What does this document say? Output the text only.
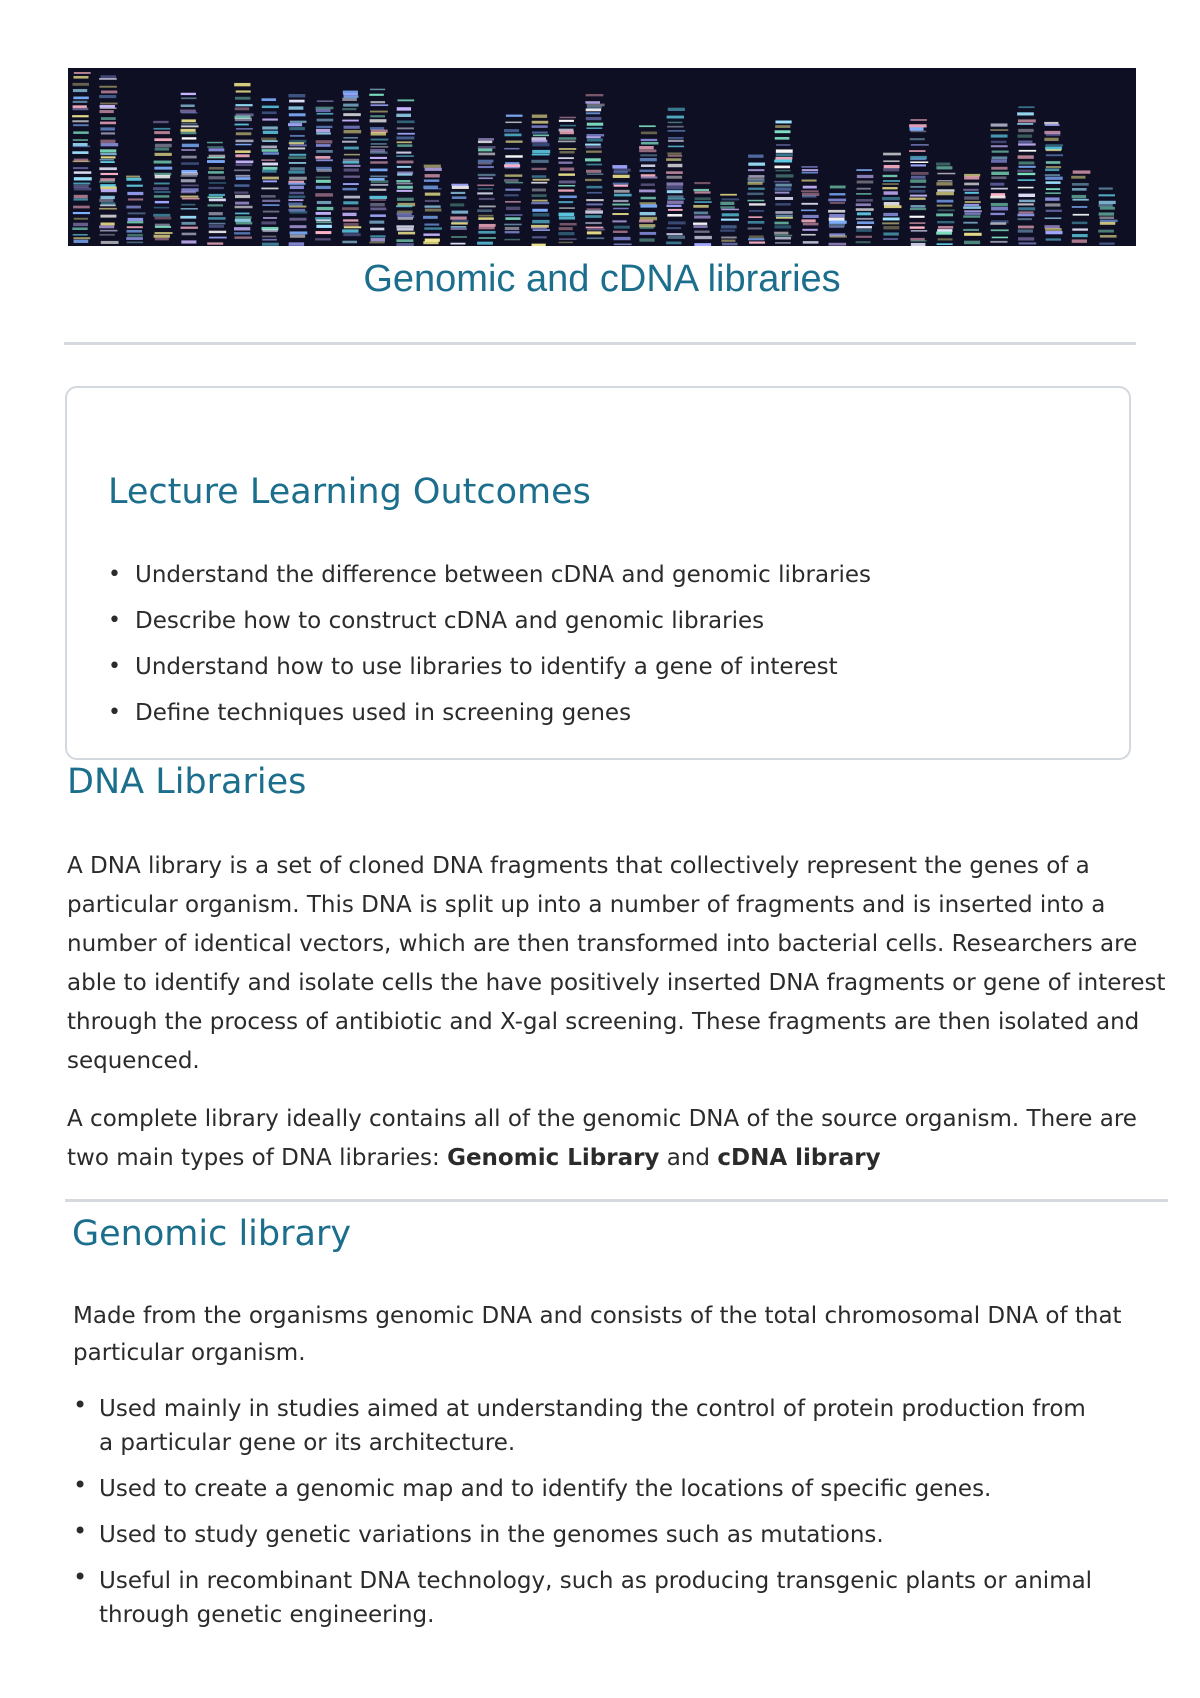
Genomic and cDNA libraries
Lecture Learning Outcomes
• Understand the difference between cDNA and genomic libraries
• Describe how to construct cDNA and genomic libraries
• Understand how to use libraries to identify a gene of interest
• Define techniques used in screening genes
DNA Libraries

A DNA library is a set of cloned DNA fragments that collectively represent the genes of a particular organism. This DNA is split up into a number of fragments and is inserted into a number of identical vectors, which are then transformed into bacterial cells. Researchers are able to identify and isolate cells the have positively inserted DNA fragments or gene of interest through the process of antibiotic and X-gal screening. These fragments are then isolated and sequenced.

A complete library ideally contains all of the genomic DNA of the source organism. There are two main types of DNA libraries: Genomic Library and cDNA library

Genomic library

Made from the organisms genomic DNA and consists of the total chromosomal DNA of that particular organism.

• Used mainly in studies aimed at understanding the control of protein production from a particular gene or its architecture.
• Used to create a genomic map and to identify the locations of specific genes.
• Used to study genetic variations in the genomes such as mutations.
• Useful in recombinant DNA technology, such as producing transgenic plants or animal through genetic engineering.
